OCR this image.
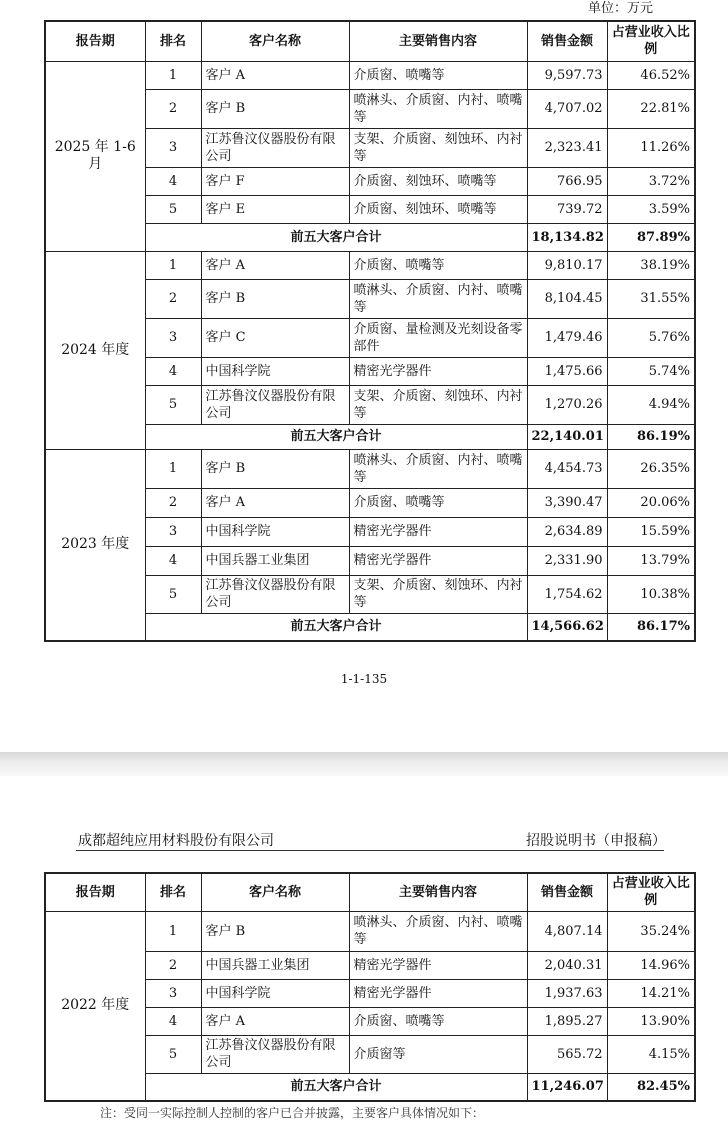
单位：万元
报告期	排名	客户名称	主要销售内容	销售金额	占营业收入比例
2025 年 1-6 月	1	客户 A	介质窗、喷嘴等	9,597.73	46.52%
	2	客户 B	喷淋头、介质窗、内衬、喷嘴等	4,707.02	22.81%
	3	江苏鲁汶仪器股份有限公司	支架、介质窗、刻蚀环、内衬等	2,323.41	11.26%
	4	客户 F	介质窗、刻蚀环、喷嘴等	766.95	3.72%
	5	客户 E	介质窗、刻蚀环、喷嘴等	739.72	3.59%
	前五大客户合计			18,134.82	87.89%
2024 年度	1	客户 A	介质窗、喷嘴等	9,810.17	38.19%
	2	客户 B	喷淋头、介质窗、内衬、喷嘴等	8,104.45	31.55%
	3	客户 C	介质窗、量检测及光刻设备零部件	1,479.46	5.76%
	4	中国科学院	精密光学器件	1,475.66	5.74%
	5	江苏鲁汶仪器股份有限公司	支架、介质窗、刻蚀环、内衬等	1,270.26	4.94%
	前五大客户合计			22,140.01	86.19%
2023 年度	1	客户 B	喷淋头、介质窗、内衬、喷嘴等	4,454.73	26.35%
	2	客户 A	介质窗、喷嘴等	3,390.47	20.06%
	3	中国科学院	精密光学器件	2,634.89	15.59%
	4	中国兵器工业集团	精密光学器件	2,331.90	13.79%
	5	江苏鲁汶仪器股份有限公司	支架、介质窗、刻蚀环、内衬等	1,754.62	10.38%
	前五大客户合计			14,566.62	86.17%
1-1-135
成都超纯应用材料股份有限公司	招股说明书（申报稿）
报告期	排名	客户名称	主要销售内容	销售金额	占营业收入比例
2022 年度	1	客户 B	喷淋头、介质窗、内衬、喷嘴等	4,807.14	35.24%
	2	中国兵器工业集团	精密光学器件	2,040.31	14.96%
	3	中国科学院	精密光学器件	1,937.63	14.21%
	4	客户 A	介质窗、喷嘴等	1,895.27	13.90%
	5	江苏鲁汶仪器股份有限公司	介质窗等	565.72	4.15%
	前五大客户合计			11,246.07	82.45%
注：受同一实际控制人控制的客户已合并披露，主要客户具体情况如下：
